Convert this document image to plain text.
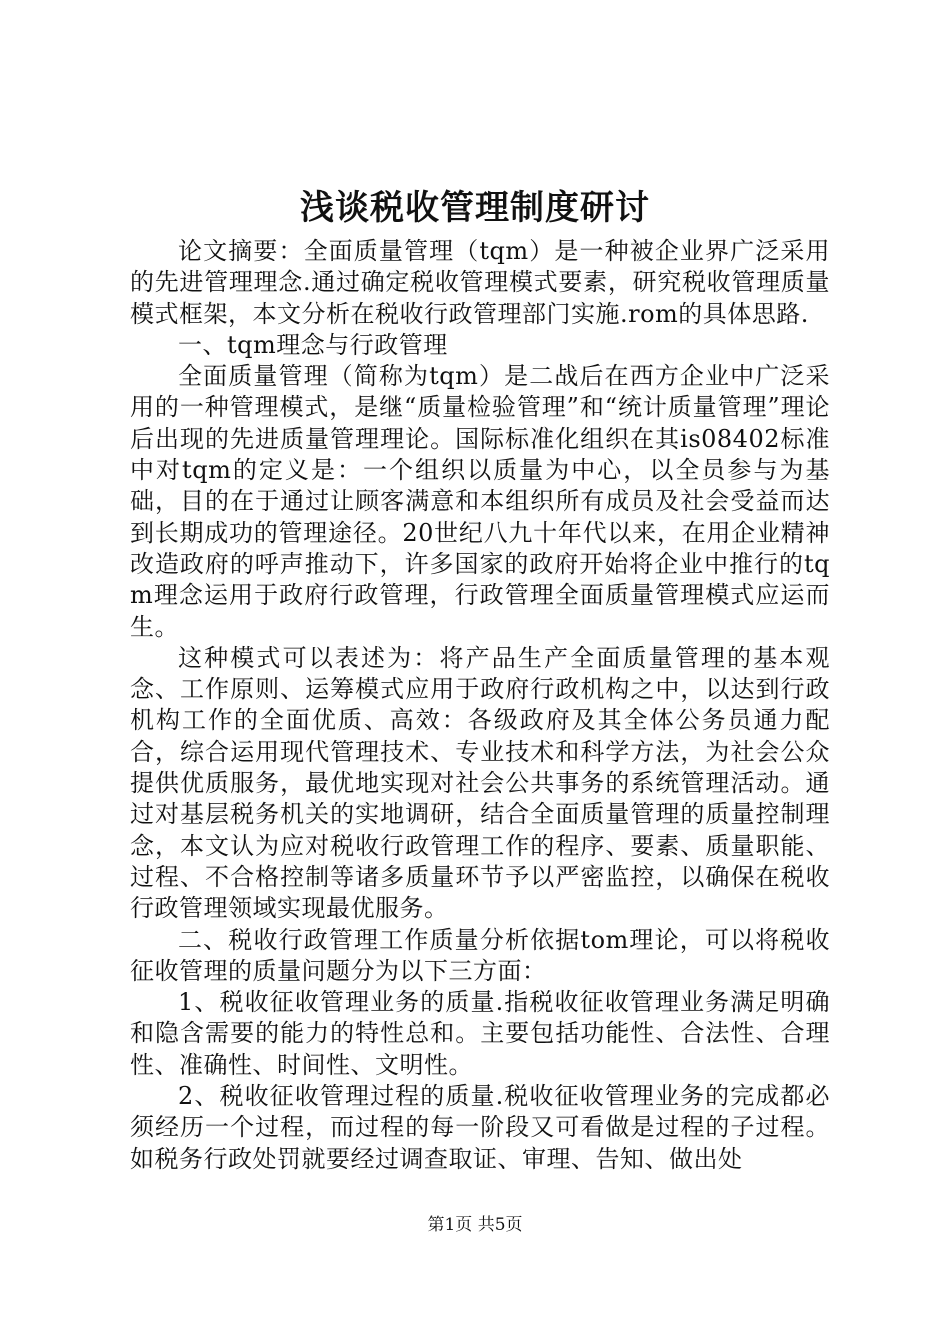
浅谈税收管理制度研讨

论文摘要：全面质量管理（tqm）是一种被企业界广泛采用的先进管理理念.通过确定税收管理模式要素，研究税收管理质量模式框架，本文分析在税收行政管理部门实施.rom的具体思路.

一、tqm理念与行政管理

全面质量管理（简称为tqm）是二战后在西方企业中广泛采用的一种管理模式，是继“质量检验管理”和“统计质量管理”理论后出现的先进质量管理理论。国际标准化组织在其is08402标准中对tqm的定义是：一个组织以质量为中心，以全员参与为基础，目的在于通过让顾客满意和本组织所有成员及社会受益而达到长期成功的管理途径。20世纪八九十年代以来，在用企业精神改造政府的呼声推动下，许多国家的政府开始将企业中推行的tqm理念运用于政府行政管理，行政管理全面质量管理模式应运而生。

这种模式可以表述为：将产品生产全面质量管理的基本观念、工作原则、运筹模式应用于政府行政机构之中，以达到行政机构工作的全面优质、高效：各级政府及其全体公务员通力配合，综合运用现代管理技术、专业技术和科学方法，为社会公众提供优质服务，最优地实现对社会公共事务的系统管理活动。通过对基层税务机关的实地调研，结合全面质量管理的质量控制理念，本文认为应对税收行政管理工作的程序、要素、质量职能、过程、不合格控制等诸多质量环节予以严密监控，以确保在税收行政管理领域实现最优服务。

二、税收行政管理工作质量分析依据tom理论，可以将税收征收管理的质量问题分为以下三方面：

1、税收征收管理业务的质量.指税收征收管理业务满足明确和隐含需要的能力的特性总和。主要包括功能性、合法性、合理性、准确性、时间性、文明性。

2、税收征收管理过程的质量.税收征收管理业务的完成都必须经历一个过程，而过程的每一阶段又可看做是过程的子过程。如税务行政处罚就要经过调查取证、审理、告知、做出处

第1页 共5页
